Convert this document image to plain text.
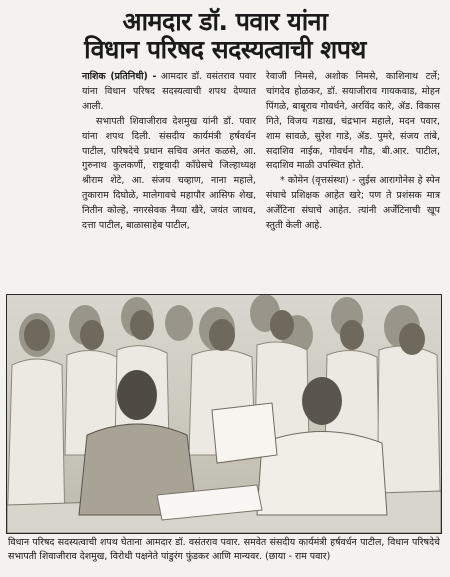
आमदार डॉ. पवार यांना
विधान परिषद सदस्यत्वाची शपथ

नाशिक (प्रतिनिधी) - आमदार डॉ. वसंतराव पवार यांना विधान परिषद सदस्यत्वाची शपथ देण्यात आली.

सभापती शिवाजीराव देशमुख यांनी डॉ. पवार यांना शपथ दिली. संसदीय कार्यमंत्री हर्षवर्धन पाटील, परिषदेचे प्रधान सचिव अनंत कळसे, आ. गुरुनाथ कुलकर्णी, राष्ट्रवादी काँग्रेसचे जिल्हाध्यक्ष श्रीराम शेटे, आ. संजय चव्हाण, नाना महाले, तुकाराम दिघोळे, मालेगावचे महापौर आसिफ शेख, नितीन कोल्हे, नगरसेवक नैय्या खैरे, जयंत जाधव, दत्ता पाटील, बाळासाहेब पाटील,

रेवाजी निमसे, अशोक निमसे, काशिनाथ टर्ले; चांगदेव होळकर, डॉ. सयाजीराव गायकवाड, मोहन पिंगळे, बाबूराव गोवर्धने, अरविंद कारे, ॲड. विकास गिते, विजय गडाख, चंद्रभान महाले, मदन पवार, शाम सावळे, सुरेश गाडे, ॲड. पुमरे, संजय तांबे, सदाशिव नाईक, गोवर्धन गौड, बी.आर. पाटील, सदाशिव माळी उपस्थित होते.

* कोमेन (वृत्तसंस्था) - लुईस आरागोनेस हे स्पेन संघाचे प्रशिक्षक आहेत खरे; पण ते प्रशंसक मात्र अर्जेंटिना संघाचे आहेत. त्यांनी अर्जेंटिनाची खूप स्तुती केली आहे.

विधान परिषद सदस्यत्वाची शपथ घेताना आमदार डॉ. वसंतराव पवार. समवेत संसदीय कार्यमंत्री हर्षवर्धन पाटील, विधान परिषदेचे सभापती शिवाजीराव देशमुख, विरोधी पक्षनेते पांडुरंग फुंडकर आणि मान्यवर. (छाया - राम पवार)
